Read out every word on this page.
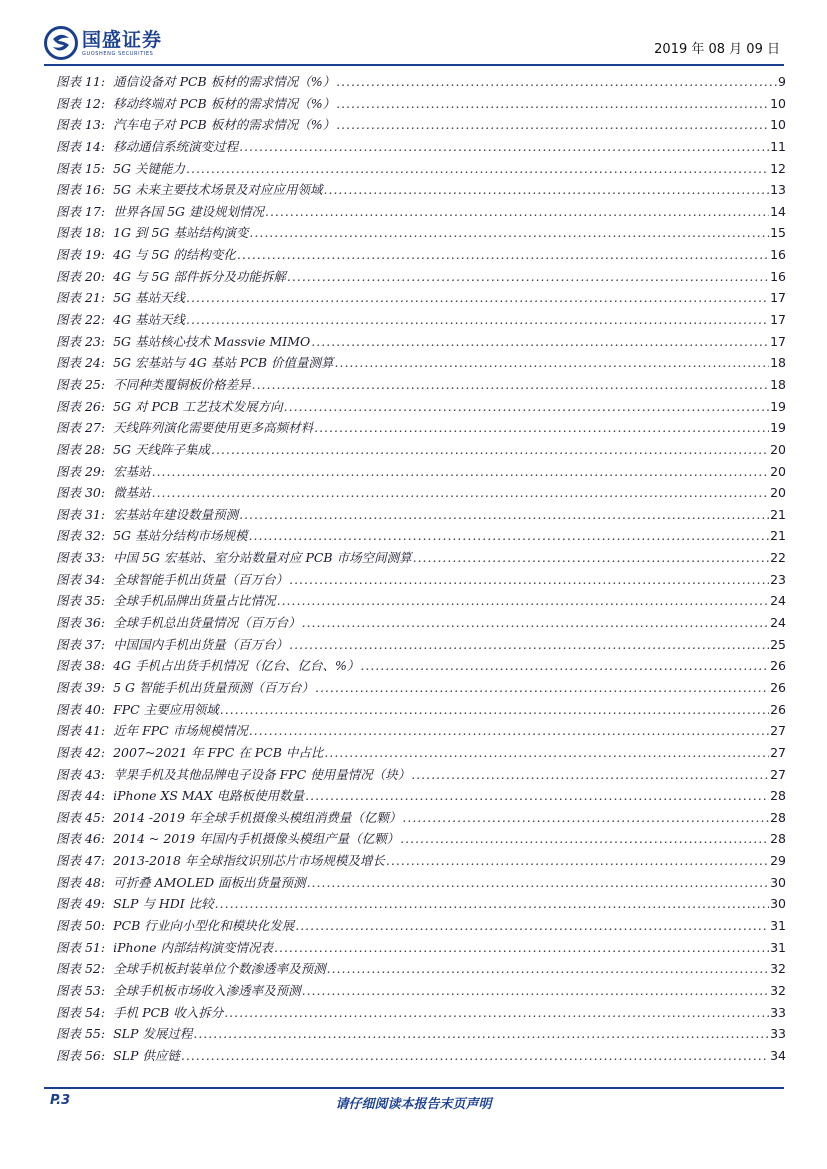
国盛证券
GUOSHENG SECURITIES	2019 年 08 月 09 日
图表 11: 通信设备对 PCB 板材的需求情况（%） .....	9
图表 12: 移动终端对 PCB 板材的需求情况（%） .....	10
图表 13: 汽车电子对 PCB 板材的需求情况（%） .....	10
图表 14: 移动通信系统演变过程 .....	11
图表 15: 5G 关键能力 .....	12
图表 16: 5G 未来主要技术场景及对应应用领域 .....	13
图表 17: 世界各国 5G 建设规划情况 .....	14
图表 18: 1G 到 5G 基站结构演变 .....	15
图表 19: 4G 与 5G 的结构变化 .....	16
图表 20: 4G 与 5G 部件拆分及功能拆解 .....	16
图表 21: 5G 基站天线 .....	17
图表 22: 4G 基站天线 .....	17
图表 23: 5G 基站核心技术 Massvie MIMO .....	17
图表 24: 5G 宏基站与 4G 基站 PCB 价值量测算 .....	18
图表 25: 不同种类覆铜板价格差异 .....	18
图表 26: 5G 对 PCB 工艺技术发展方向 .....	19
图表 27: 天线阵列演化需要使用更多高频材料 .....	19
图表 28: 5G 天线阵子集成 .....	20
图表 29: 宏基站 .....	20
图表 30: 微基站 .....	20
图表 31: 宏基站年建设数量预测 .....	21
图表 32: 5G 基站分结构市场规模 .....	21
图表 33: 中国 5G 宏基站、室分站数量对应 PCB 市场空间测算 .....	22
图表 34: 全球智能手机出货量（百万台） .....	23
图表 35: 全球手机品牌出货量占比情况 .....	24
图表 36: 全球手机总出货量情况（百万台） .....	24
图表 37: 中国国内手机出货量（百万台） .....	25
图表 38: 4G 手机占出货手机情况（亿台、亿台、%） .....	26
图表 39: 5 G 智能手机出货量预测（百万台） .....	26
图表 40: FPC 主要应用领域 .....	26
图表 41: 近年 FPC 市场规模情况 .....	27
图表 42: 2007~2021 年 FPC 在 PCB 中占比 .....	27
图表 43: 苹果手机及其他品牌电子设备 FPC 使用量情况（块） .....	27
图表 44: iPhone XS MAX 电路板使用数量 .....	28
图表 45: 2014 -2019 年全球手机摄像头模组消费量（亿颗） .....	28
图表 46: 2014 ~ 2019 年国内手机摄像头模组产量（亿颗） .....	28
图表 47: 2013-2018 年全球指纹识别芯片市场规模及增长 .....	29
图表 48: 可折叠 AMOLED 面板出货量预测 .....	30
图表 49: SLP 与 HDI 比较 .....	30
图表 50: PCB 行业向小型化和模块化发展 .....	31
图表 51: iPhone 内部结构演变情况表 .....	31
图表 52: 全球手机板封装单位个数渗透率及预测 .....	32
图表 53: 全球手机板市场收入渗透率及预测 .....	32
图表 54: 手机 PCB 收入拆分 .....	33
图表 55: SLP 发展过程 .....	33
图表 56: SLP 供应链 .....	34
P.3	请仔细阅读本报告末页声明
